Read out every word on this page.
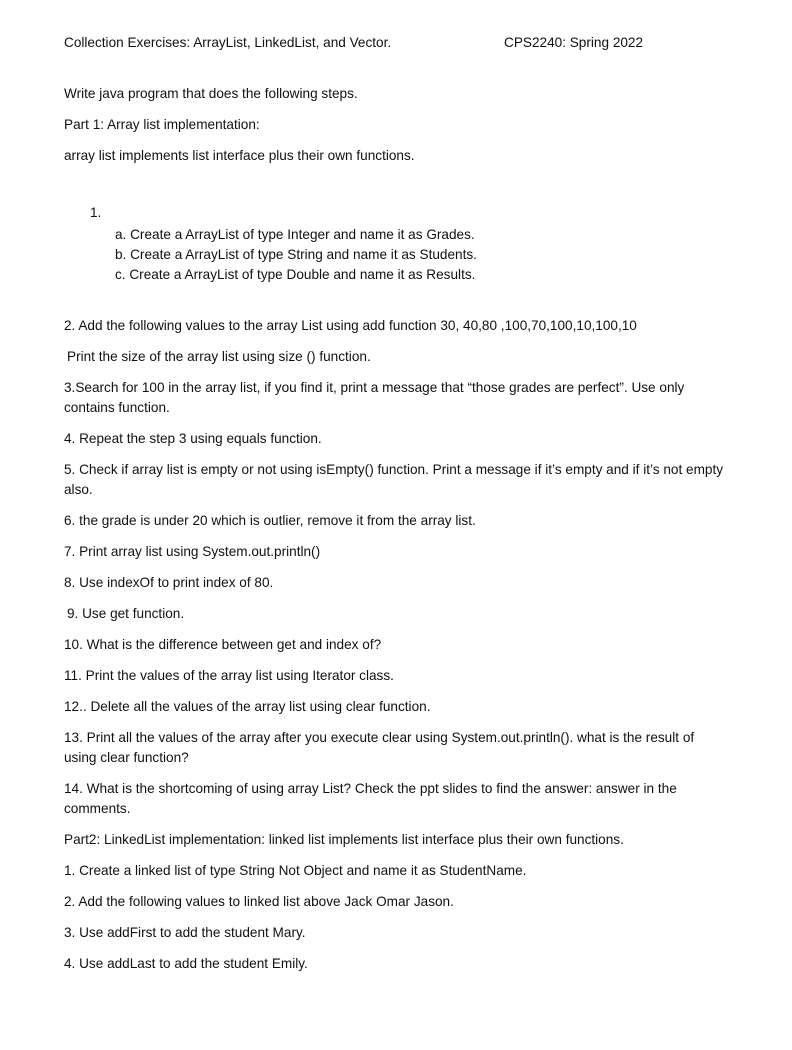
Collection Exercises: ArrayList, LinkedList, and Vector.	CPS2240: Spring 2022

Write java program that does the following steps.

Part 1: Array list implementation:

array list implements list interface plus their own functions.

1.
a. Create a ArrayList of type Integer and name it as Grades.
b. Create a ArrayList of type String and name it as Students.
c. Create a ArrayList of type Double and name it as Results.

2. Add the following values to the array List using add function 30, 40,80 ,100,70,100,10,100,10

Print the size of the array list using size () function.

3.Search for 100 in the array list, if you find it, print a message that “those grades are perfect”. Use only contains function.

4. Repeat the step 3 using equals function.

5. Check if array list is empty or not using isEmpty() function. Print a message if it’s empty and if it’s not empty also.

6. the grade is under 20 which is outlier, remove it from the array list.

7. Print array list using System.out.println()

8. Use indexOf to print index of 80.

9. Use get function.

10. What is the difference between get and index of?

11. Print the values of the array list using Iterator class.

12.. Delete all the values of the array list using clear function.

13. Print all the values of the array after you execute clear using System.out.println(). what is the result of using clear function?

14. What is the shortcoming of using array List? Check the ppt slides to find the answer: answer in the comments.

Part2: LinkedList implementation: linked list implements list interface plus their own functions.

1. Create a linked list of type String Not Object and name it as StudentName.

2. Add the following values to linked list above Jack Omar Jason.

3. Use addFirst to add the student Mary.

4. Use addLast to add the student Emily.
